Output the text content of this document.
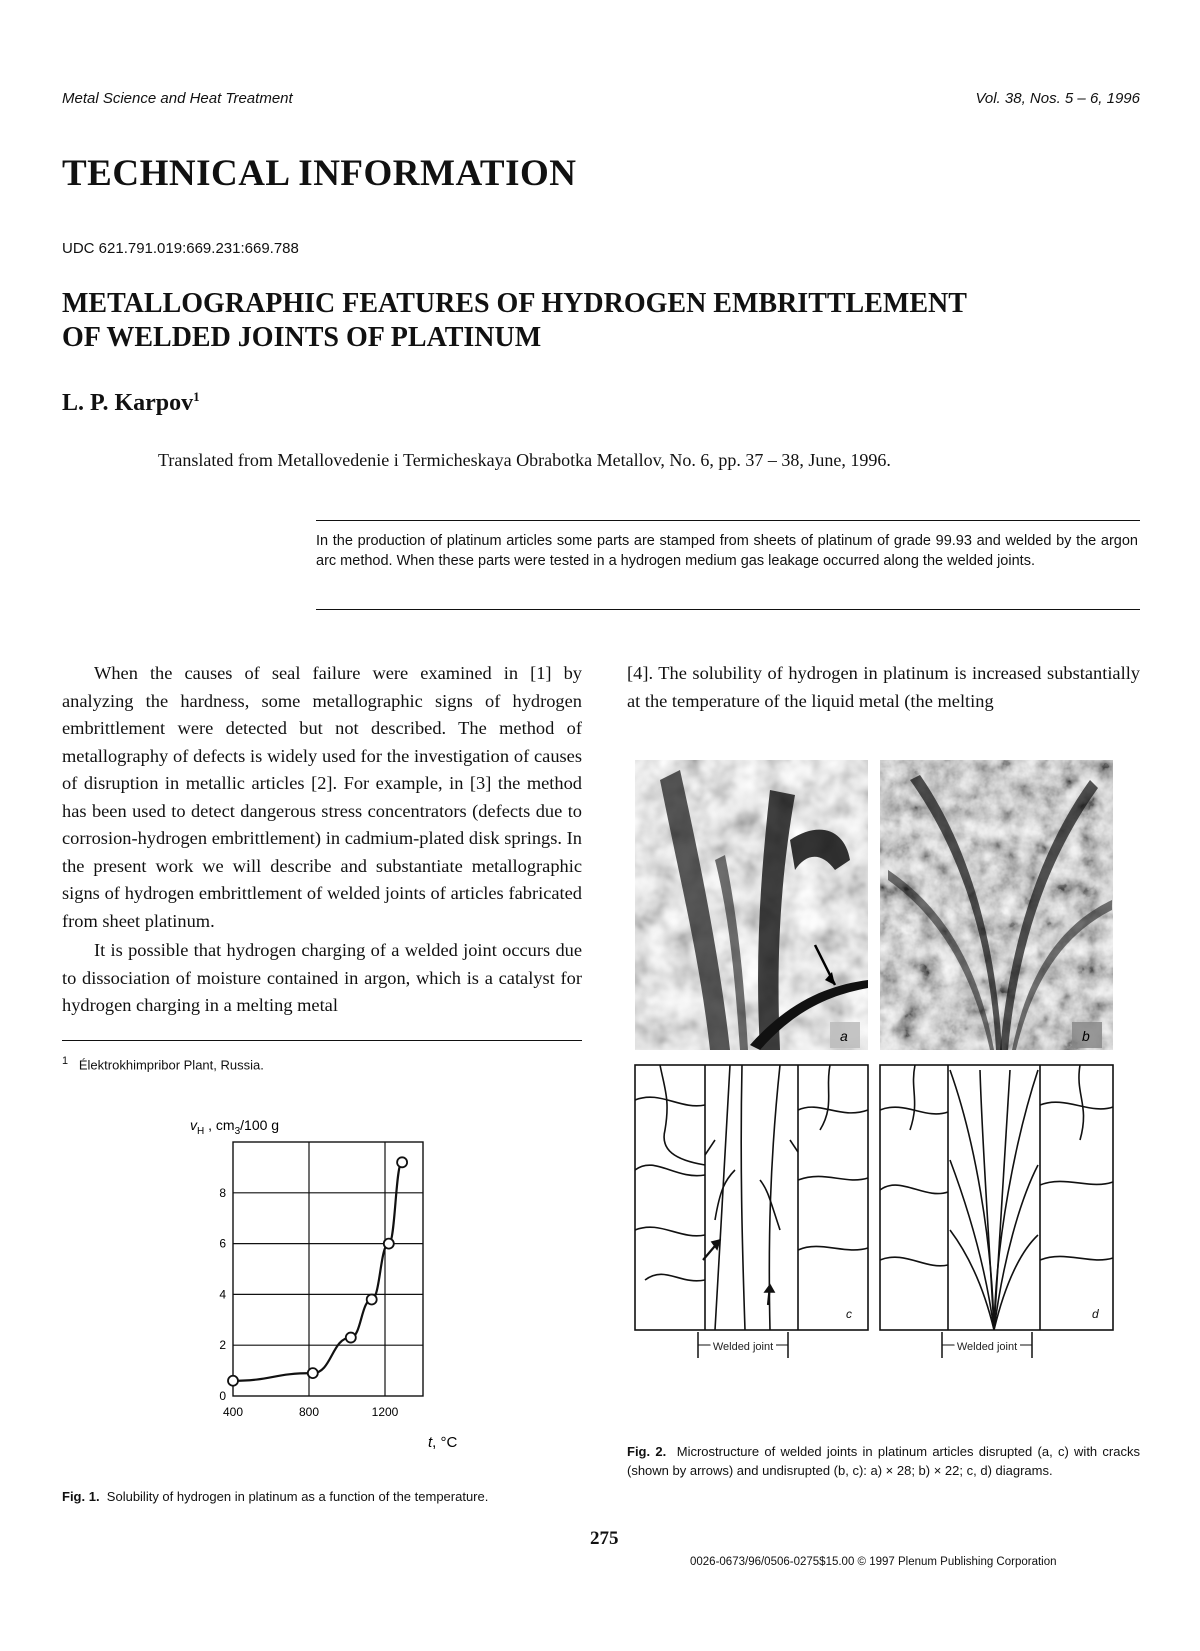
Metal Science and Heat Treatment	Vol. 38, Nos. 5 – 6, 1996
TECHNICAL INFORMATION
UDC 621.791.019:669.231:669.788
METALLOGRAPHIC FEATURES OF HYDROGEN EMBRITTLEMENT
OF WELDED JOINTS OF PLATINUM
L. P. Karpov$^1$
Translated from Metallovedenie i Termicheskaya Obrabotka Metallov, No. 6, pp. 37 – 38, June, 1996.
In the production of platinum articles some parts are stamped from sheets of platinum of grade 99.93 and welded by the argon arc method. When these parts were tested in a hydrogen medium gas leakage occurred along the welded joints.

When the causes of seal failure were examined in [1] by analyzing the hardness, some metallographic signs of hydrogen embrittlement were detected but not described. The method of metallography of defects is widely used for the investigation of causes of disruption in metallic articles [2]. For example, in [3] the method has been used to detect dangerous stress concentrators (defects due to corrosion-hydrogen embrittlement) in cadmium-plated disk springs. In the present work we will describe and substantiate metallographic signs of hydrogen embrittlement of welded joints of articles fabricated from sheet platinum.

It is possible that hydrogen charging of a welded joint occurs due to dissociation of moisture contained in argon, which is a catalyst for hydrogen charging in a melting metal

[4]. The solubility of hydrogen in platinum is increased substantially at the temperature of the liquid metal (the melting

$^1$ Élektrokhimpribor Plant, Russia.
$v_H$ , $cm_3/100$ g
400	800	1200
0
2
4
6
8
t, °C
Fig. 1. Solubility of hydrogen in platinum as a function of the temperature.
a	b
c
Welded joint
d
Welded joint
Fig. 2. Microstructure of welded joints in platinum articles disrupted (a, c) with cracks (shown by arrows) and undisrupted (b, c): a) × 28; b) × 22; c, d) diagrams.
275
0026-0673/96/0506-0275$15.00 © 1997 Plenum Publishing Corporation
